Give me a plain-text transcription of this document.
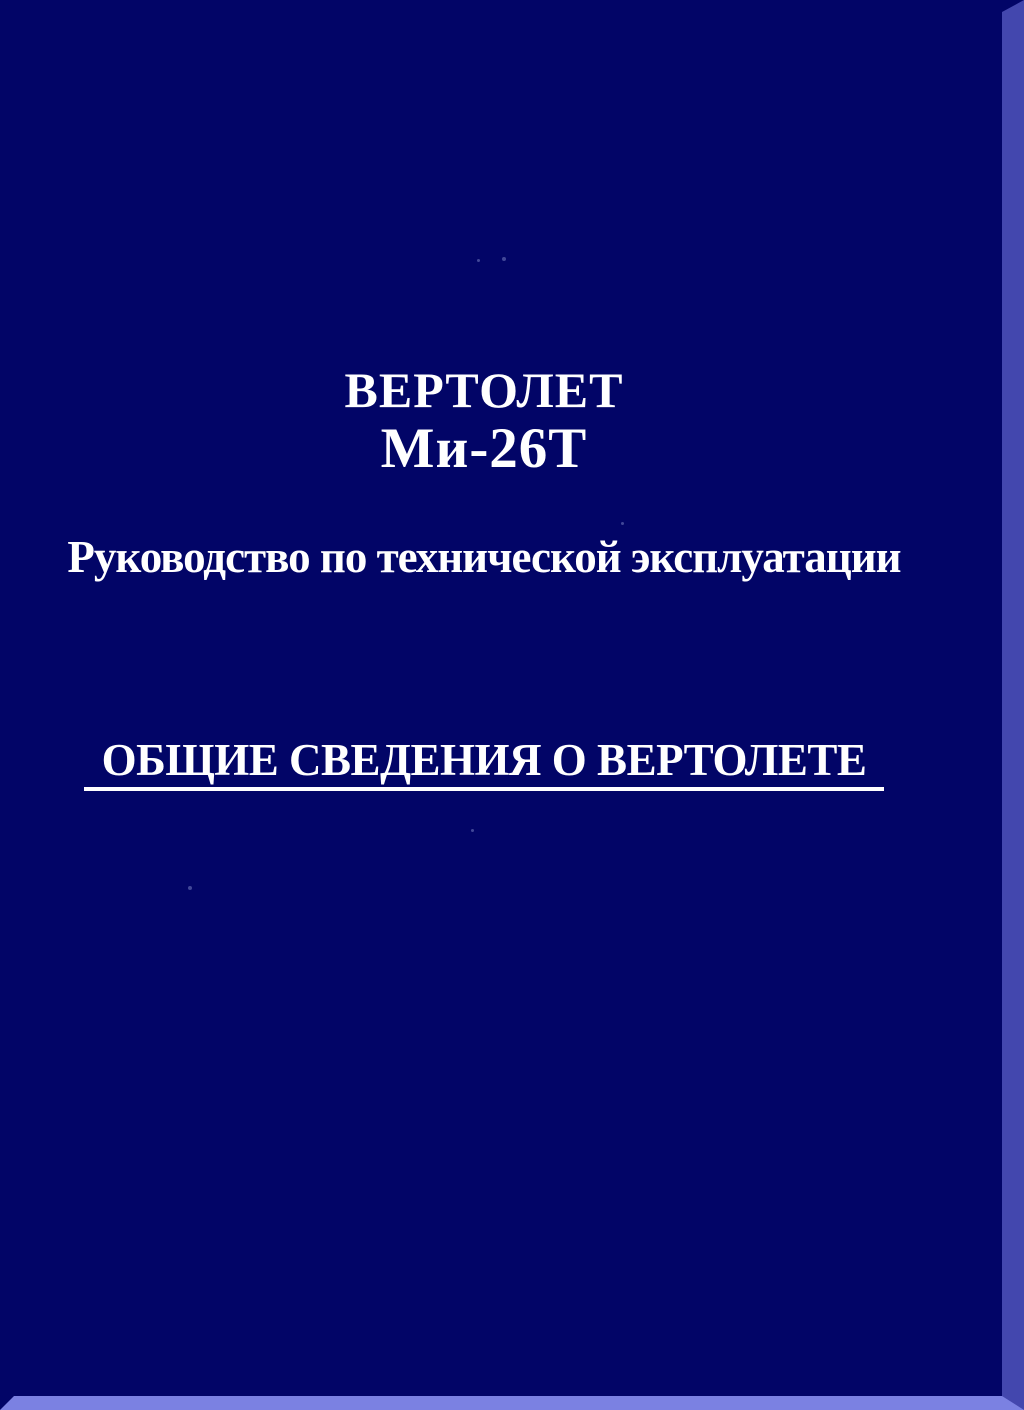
ВЕРТОЛЕТ
Ми-26Т
Руководство по технической эксплуатации
ОБЩИЕ СВЕДЕНИЯ О ВЕРТОЛЕТЕ
